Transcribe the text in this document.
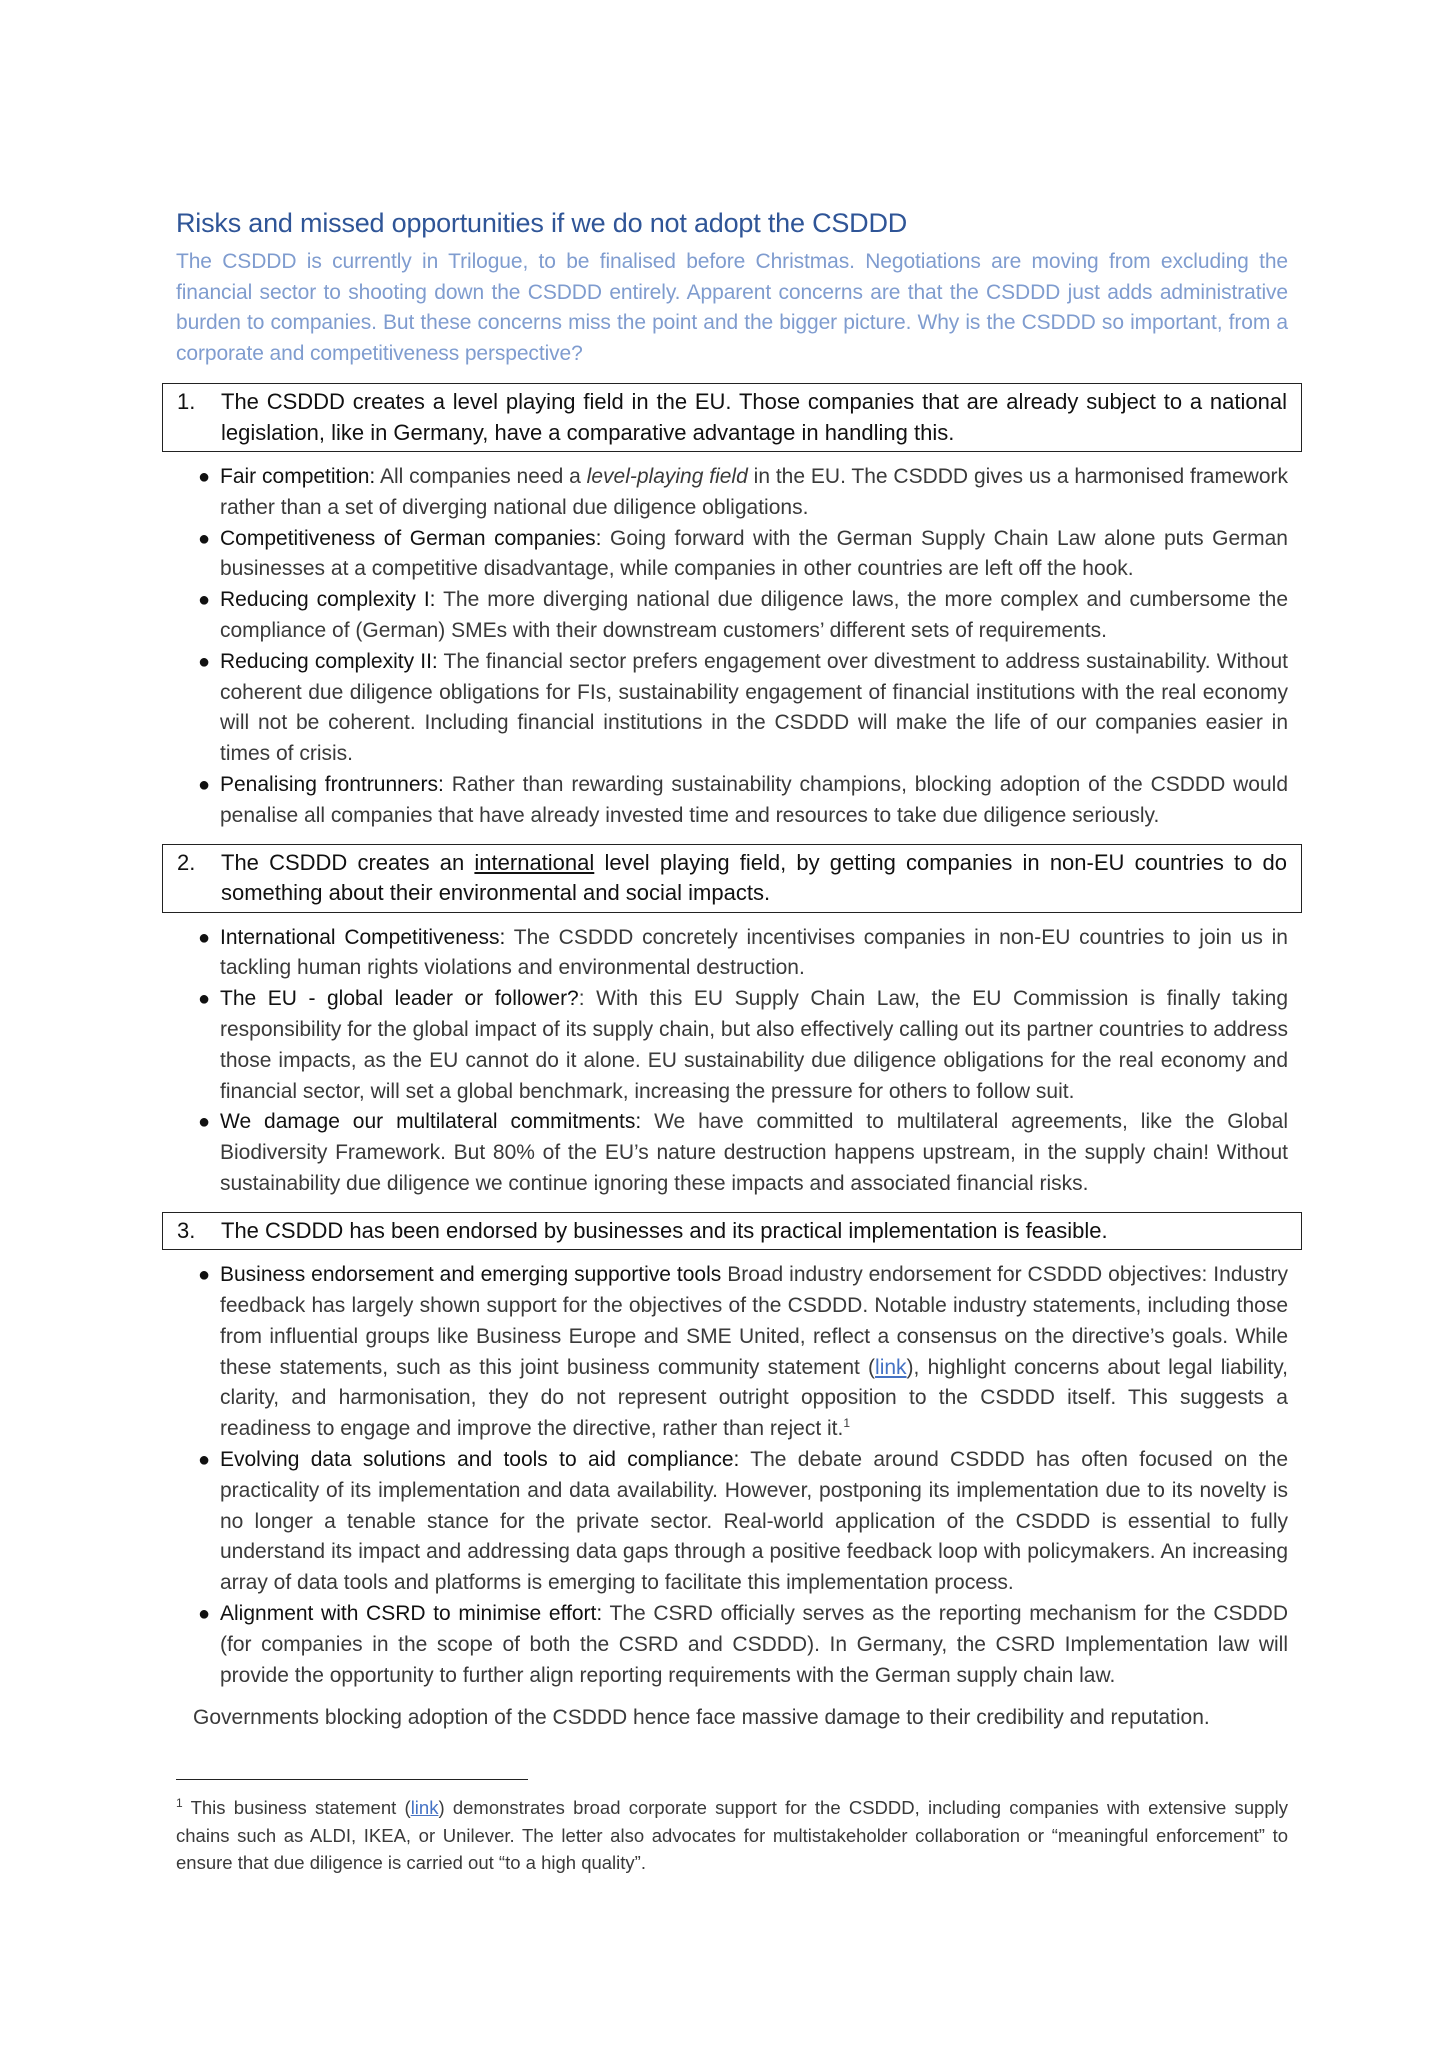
Risks and missed opportunities if we do not adopt the CSDDD

The CSDDD is currently in Trilogue, to be finalised before Christmas. Negotiations are moving from excluding the financial sector to shooting down the CSDDD entirely. Apparent concerns are that the CSDDD just adds administrative burden to companies. But these concerns miss the point and the bigger picture. Why is the CSDDD so important, from a corporate and competitiveness perspective?

1.	The CSDDD creates a level playing field in the EU. Those companies that are already subject to a national legislation, like in Germany, have a comparative advantage in handling this.
● Fair competition: All companies need a level-playing field in the EU. The CSDDD gives us a harmonised framework rather than a set of diverging national due diligence obligations.
● Competitiveness of German companies: Going forward with the German Supply Chain Law alone puts German businesses at a competitive disadvantage, while companies in other countries are left off the hook.
● Reducing complexity I: The more diverging national due diligence laws, the more complex and cumbersome the compliance of (German) SMEs with their downstream customers’ different sets of requirements.
● Reducing complexity II: The financial sector prefers engagement over divestment to address sustainability. Without coherent due diligence obligations for FIs, sustainability engagement of financial institutions with the real economy will not be coherent. Including financial institutions in the CSDDD will make the life of our companies easier in times of crisis.
● Penalising frontrunners: Rather than rewarding sustainability champions, blocking adoption of the CSDDD would penalise all companies that have already invested time and resources to take due diligence seriously.
2.	The CSDDD creates an international level playing field, by getting companies in non-EU countries to do something about their environmental and social impacts.
● International Competitiveness: The CSDDD concretely incentivises companies in non-EU countries to join us in tackling human rights violations and environmental destruction.
● The EU - global leader or follower?: With this EU Supply Chain Law, the EU Commission is finally taking responsibility for the global impact of its supply chain, but also effectively calling out its partner countries to address those impacts, as the EU cannot do it alone. EU sustainability due diligence obligations for the real economy and financial sector, will set a global benchmark, increasing the pressure for others to follow suit.
● We damage our multilateral commitments: We have committed to multilateral agreements, like the Global Biodiversity Framework. But 80% of the EU’s nature destruction happens upstream, in the supply chain! Without sustainability due diligence we continue ignoring these impacts and associated financial risks.
3.	The CSDDD has been endorsed by businesses and its practical implementation is feasible.
● Business endorsement and emerging supportive tools Broad industry endorsement for CSDDD objectives: Industry feedback has largely shown support for the objectives of the CSDDD. Notable industry statements, including those from influential groups like Business Europe and SME United, reflect a consensus on the directive’s goals. While these statements, such as this joint business community statement (link), highlight concerns about legal liability, clarity, and harmonisation, they do not represent outright opposition to the CSDDD itself. This suggests a readiness to engage and improve the directive, rather than reject it.$^1$
● Evolving data solutions and tools to aid compliance: The debate around CSDDD has often focused on the practicality of its implementation and data availability. However, postponing its implementation due to its novelty is no longer a tenable stance for the private sector. Real-world application of the CSDDD is essential to fully understand its impact and addressing data gaps through a positive feedback loop with policymakers. An increasing array of data tools and platforms is emerging to facilitate this implementation process.
● Alignment with CSRD to minimise effort: The CSRD officially serves as the reporting mechanism for the CSDDD (for companies in the scope of both the CSRD and CSDDD). In Germany, the CSRD Implementation law will provide the opportunity to further align reporting requirements with the German supply chain law.

Governments blocking adoption of the CSDDD hence face massive damage to their credibility and reputation.

$^1$ This business statement (link) demonstrates broad corporate support for the CSDDD, including companies with extensive supply chains such as ALDI, IKEA, or Unilever. The letter also advocates for multistakeholder collaboration or “meaningful enforcement” to ensure that due diligence is carried out “to a high quality”.
